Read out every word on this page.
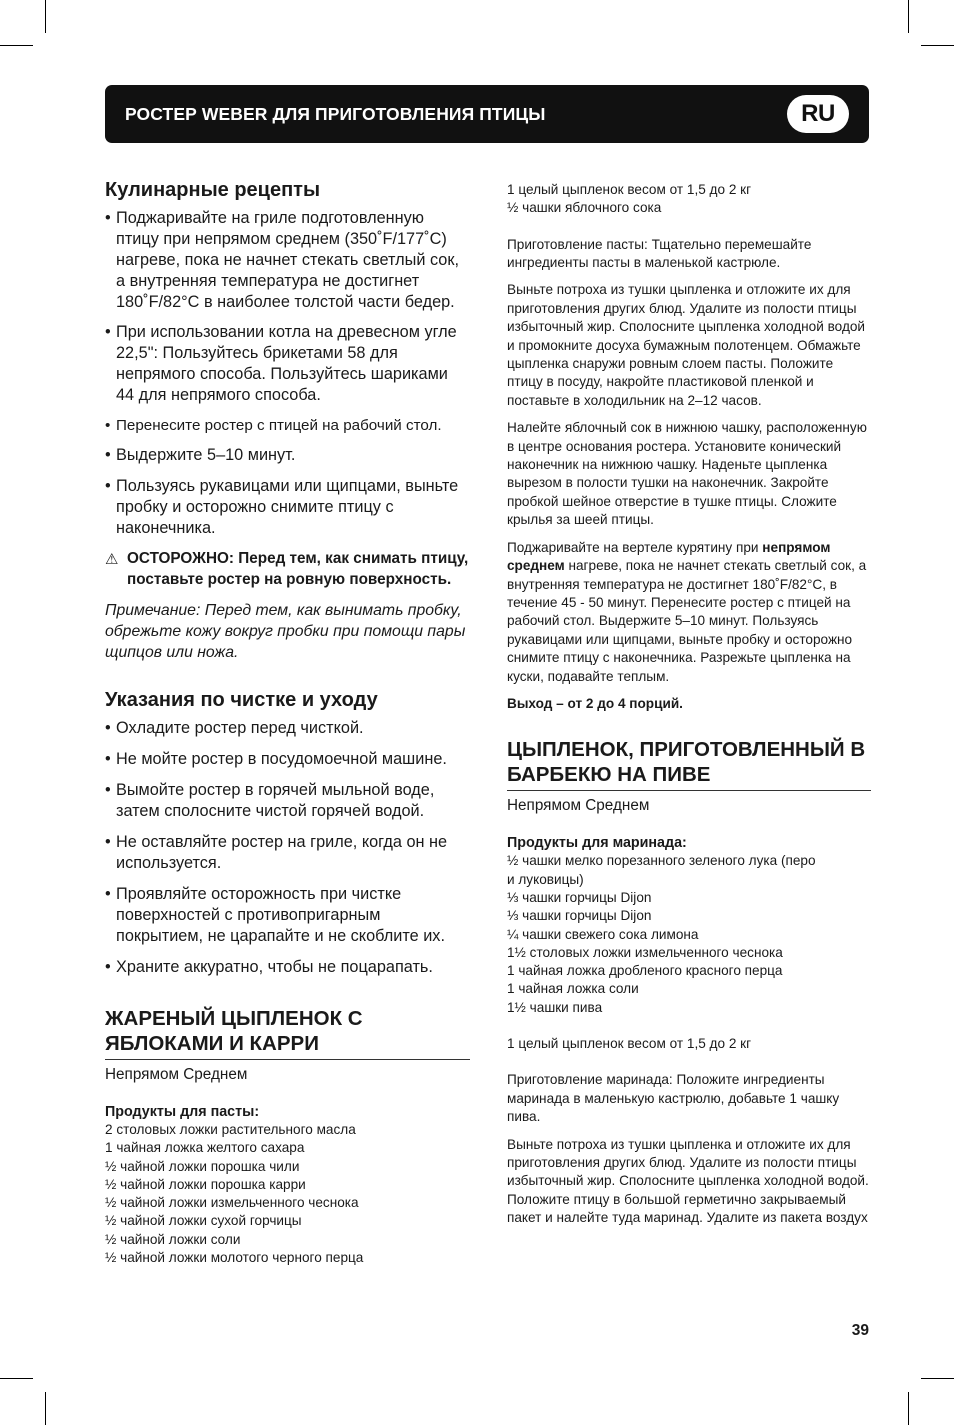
РОСТЕР WEBER ДЛЯ ПРИГОТОВЛЕНИЯ ПТИЦЫ	RU
Кулинарные рецепты
• Поджаривайте на гриле подготовленную птицу при непрямом среднем (350˚F/177˚C) нагреве, пока не начнет стекать светлый сок, а внутренняя температура не достигнет 180˚F/82°C в наиболее толстой части бедер.
• При использовании котла на древесном угле 22,5": Пользуйтесь брикетами 58 для непрямого способа. Пользуйтесь шариками 44 для непрямого способа.
• Перенесите ростер с птицей на рабочий стол.
• Выдержите 5–10 минут.
• Пользуясь рукавицами или щипцами, выньте пробку и осторожно снимите птицу с наконечника.
⚠ ОСТОРОЖНО: Перед тем, как снимать птицу, поставьте ростер на ровную поверхность.
Примечание: Перед тем, как вынимать пробку, обрежьте кожу вокруг пробки при помощи пары щипцов или ножа.
Указания по чистке и уходу
• Охладите ростер перед чисткой.
• Не мойте ростер в посудомоечной машине.
• Вымойте ростер в горячей мыльной воде, затем сполосните чистой горячей водой.
• Не оставляйте ростер на гриле, когда он не используется.
• Проявляйте осторожность при чистке поверхностей с противопригарным покрытием, не царапайте и не скоблите их.
• Храните аккуратно, чтобы не поцарапать.
ЖАРЕНЫЙ ЦЫПЛЕНОК С ЯБЛОКАМИ И КАРРИ
Непрямом Среднем
Продукты для пасты:
2 столовых ложки растительного масла
1 чайная ложка желтого сахара
½ чайной ложки порошка чили
½ чайной ложки порошка карри
½ чайной ложки измельченного чеснока
½ чайной ложки сухой горчицы
½ чайной ложки соли
½ чайной ложки молотого черного перца
1 целый цыпленок весом от 1,5 до 2 кг
½ чашки яблочного сока

Приготовление пасты: Тщательно перемешайте ингредиенты пасты в маленькой кастрюле.

Выньте потроха из тушки цыпленка и отложите их для приготовления других блюд. Удалите из полости птицы избыточный жир. Сполосните цыпленка холодной водой и промокните досуха бумажным полотенцем. Обмажьте цыпленка снаружи ровным слоем пасты. Положите птицу в посуду, накройте пластиковой пленкой и поставьте в холодильник на 2–12 часов.

Налейте яблочный сок в нижнюю чашку, расположенную в центре основания ростера. Установите конический наконечник на нижнюю чашку. Наденьте цыпленка вырезом в полости тушки на наконечник. Закройте пробкой шейное отверстие в тушке птицы. Сложите крылья за шеей птицы.

Поджаривайте на вертеле курятину при непрямом среднем нагреве, пока не начнет стекать светлый сок, а внутренняя температура не достигнет 180˚F/82°C, в течение 45 - 50 минут. Перенесите ростер с птицей на рабочий стол. Выдержите 5–10 минут. Пользуясь рукавицами или щипцами, выньте пробку и осторожно снимите птицу с наконечника. Разрежьте цыпленка на куски, подавайте теплым.

Выход – от 2 до 4 порций.

ЦЫПЛЕНОК, ПРИГОТОВЛЕННЫЙ В БАРБЕКЮ НА ПИВЕ
Непрямом Среднем
Продукты для маринада:
½ чашки мелко порезанного зеленого лука (перо
и луковицы)
⅓ чашки горчицы Dijon
⅓ чашки горчицы Dijon
¼ чашки свежего сока лимона
1½ столовых ложки измельченного чеснока
1 чайная ложка дробленого красного перца
1 чайная ложка соли
1½ чашки пива

1 целый цыпленок весом от 1,5 до 2 кг

Приготовление маринада: Положите ингредиенты маринада в маленькую кастрюлю, добавьте 1 чашку пива.

Выньте потроха из тушки цыпленка и отложите их для приготовления других блюд. Удалите из полости птицы избыточный жир. Сполосните цыпленка холодной водой. Положите птицу в большой герметично закрываемый пакет и налейте туда маринад. Удалите из пакета воздух

39
